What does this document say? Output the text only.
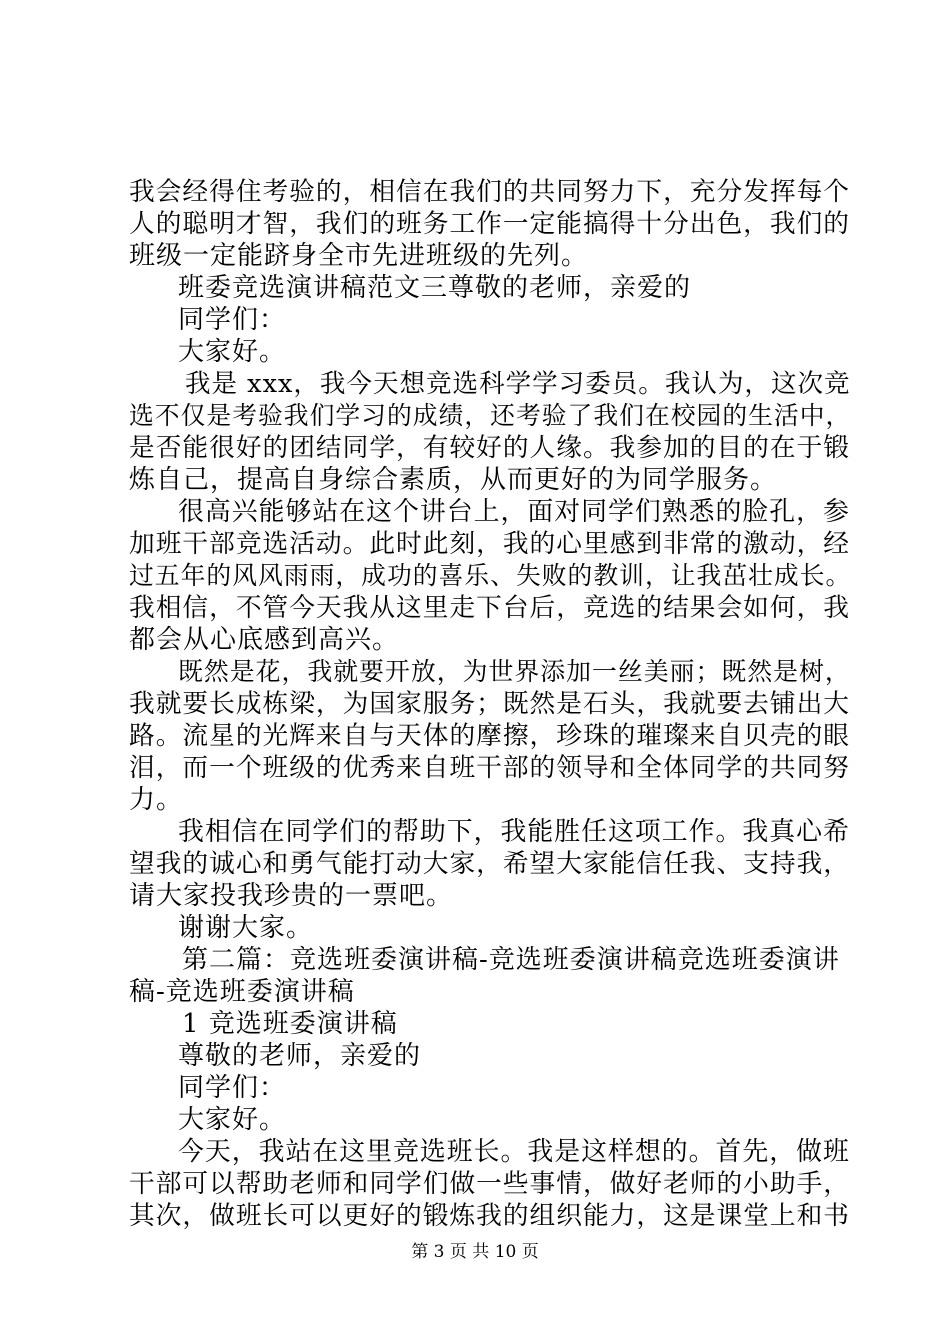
我会经得住考验的，相信在我们的共同努力下，充分发挥每个
人的聪明才智，我们的班务工作一定能搞得十分出色，我们的
班级一定能跻身全市先进班级的先列。
班委竞选演讲稿范文三尊敬的老师，亲爱的
同学们：
大家好。
我是 xxx，我今天想竞选科学学习委员。我认为，这次竞
选不仅是考验我们学习的成绩，还考验了我们在校园的生活中，
是否能很好的团结同学，有较好的人缘。我参加的目的在于锻
炼自己，提高自身综合素质，从而更好的为同学服务。
很高兴能够站在这个讲台上，面对同学们熟悉的脸孔，参
加班干部竞选活动。此时此刻，我的心里感到非常的激动，经
过五年的风风雨雨，成功的喜乐、失败的教训，让我茁壮成长。
我相信，不管今天我从这里走下台后，竞选的结果会如何，我
都会从心底感到高兴。
既然是花，我就要开放，为世界添加一丝美丽；既然是树，
我就要长成栋梁，为国家服务；既然是石头，我就要去铺出大
路。流星的光辉来自与天体的摩擦，珍珠的璀璨来自贝壳的眼
泪，而一个班级的优秀来自班干部的领导和全体同学的共同努
力。
我相信在同学们的帮助下，我能胜任这项工作。我真心希
望我的诚心和勇气能打动大家，希望大家能信任我、支持我，
请大家投我珍贵的一票吧。
谢谢大家。
第二篇：竞选班委演讲稿-竞选班委演讲稿竞选班委演讲
稿-竞选班委演讲稿
1 竞选班委演讲稿
尊敬的老师，亲爱的
同学们：
大家好。
今天，我站在这里竞选班长。我是这样想的。首先，做班
干部可以帮助老师和同学们做一些事情，做好老师的小助手，
其次，做班长可以更好的锻炼我的组织能力，这是课堂上和书
第 3 页 共 10 页
